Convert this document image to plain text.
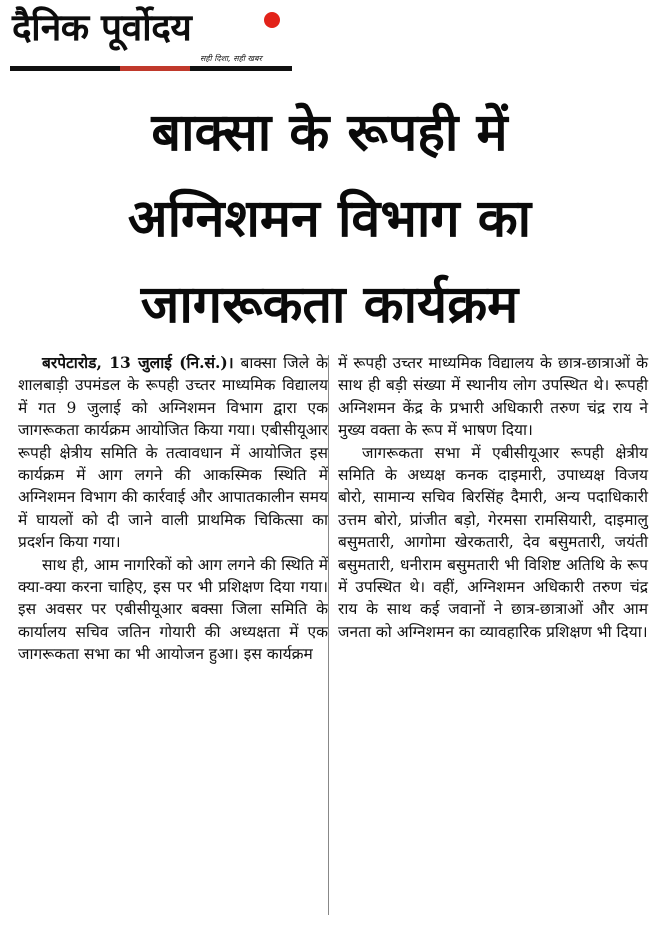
दैनिक पूर्वोदय
सही दिशा, सही खबर
बाक्सा के रूपही में
अग्निशमन विभाग का
जागरूकता कार्यक्रम

बरपेटारोड, 13 जुलाई (नि.सं.)। बाक्सा जिले के शालबाड़ी उपमंडल के रूपही उच्तर माध्यमिक विद्यालय में गत 9 जुलाई को अग्निशमन विभाग द्वारा एक जागरूकता कार्यक्रम आयोजित किया गया। एबीसीयूआर रूपही क्षेत्रीय समिति के तत्वावधान में आयोजित इस कार्यक्रम में आग लगने की आकस्मिक स्थिति में अग्निशमन विभाग की कार्रवाई और आपातकालीन समय में घायलों को दी जाने वाली प्राथमिक चिकित्सा का प्रदर्शन किया गया।

साथ ही, आम नागरिकों को आग लगने की स्थिति में क्या-क्या करना चाहिए, इस पर भी प्रशिक्षण दिया गया। इस अवसर पर एबीसीयूआर बक्सा जिला समिति के कार्यालय सचिव जतिन गोयारी की अध्यक्षता में एक जागरूकता सभा का भी आयोजन हुआ। इस कार्यक्रम

में रूपही उच्तर माध्यमिक विद्यालय के छात्र-छात्राओं के साथ ही बड़ी संख्या में स्थानीय लोग उपस्थित थे। रूपही अग्निशमन केंद्र के प्रभारी अधिकारी तरुण चंद्र राय ने मुख्य वक्ता के रूप में भाषण दिया।

जागरूकता सभा में एबीसीयूआर रूपही क्षेत्रीय समिति के अध्यक्ष कनक दाइमारी, उपाध्यक्ष विजय बोरो, सामान्य सचिव बिरसिंह दैमारी, अन्य पदाधिकारी उत्तम बोरो, प्रांजीत बड़ो, गेरमसा रामसियारी, दाइमालु बसुमतारी, आगोमा खेरकतारी, देव बसुमतारी, जयंती बसुमतारी, धनीराम बसुमतारी भी विशिष्ट अतिथि के रूप में उपस्थित थे। वहीं, अग्निशमन अधिकारी तरुण चंद्र राय के साथ कई जवानों ने छात्र-छात्राओं और आम जनता को अग्निशमन का व्यावहारिक प्रशिक्षण भी दिया।
